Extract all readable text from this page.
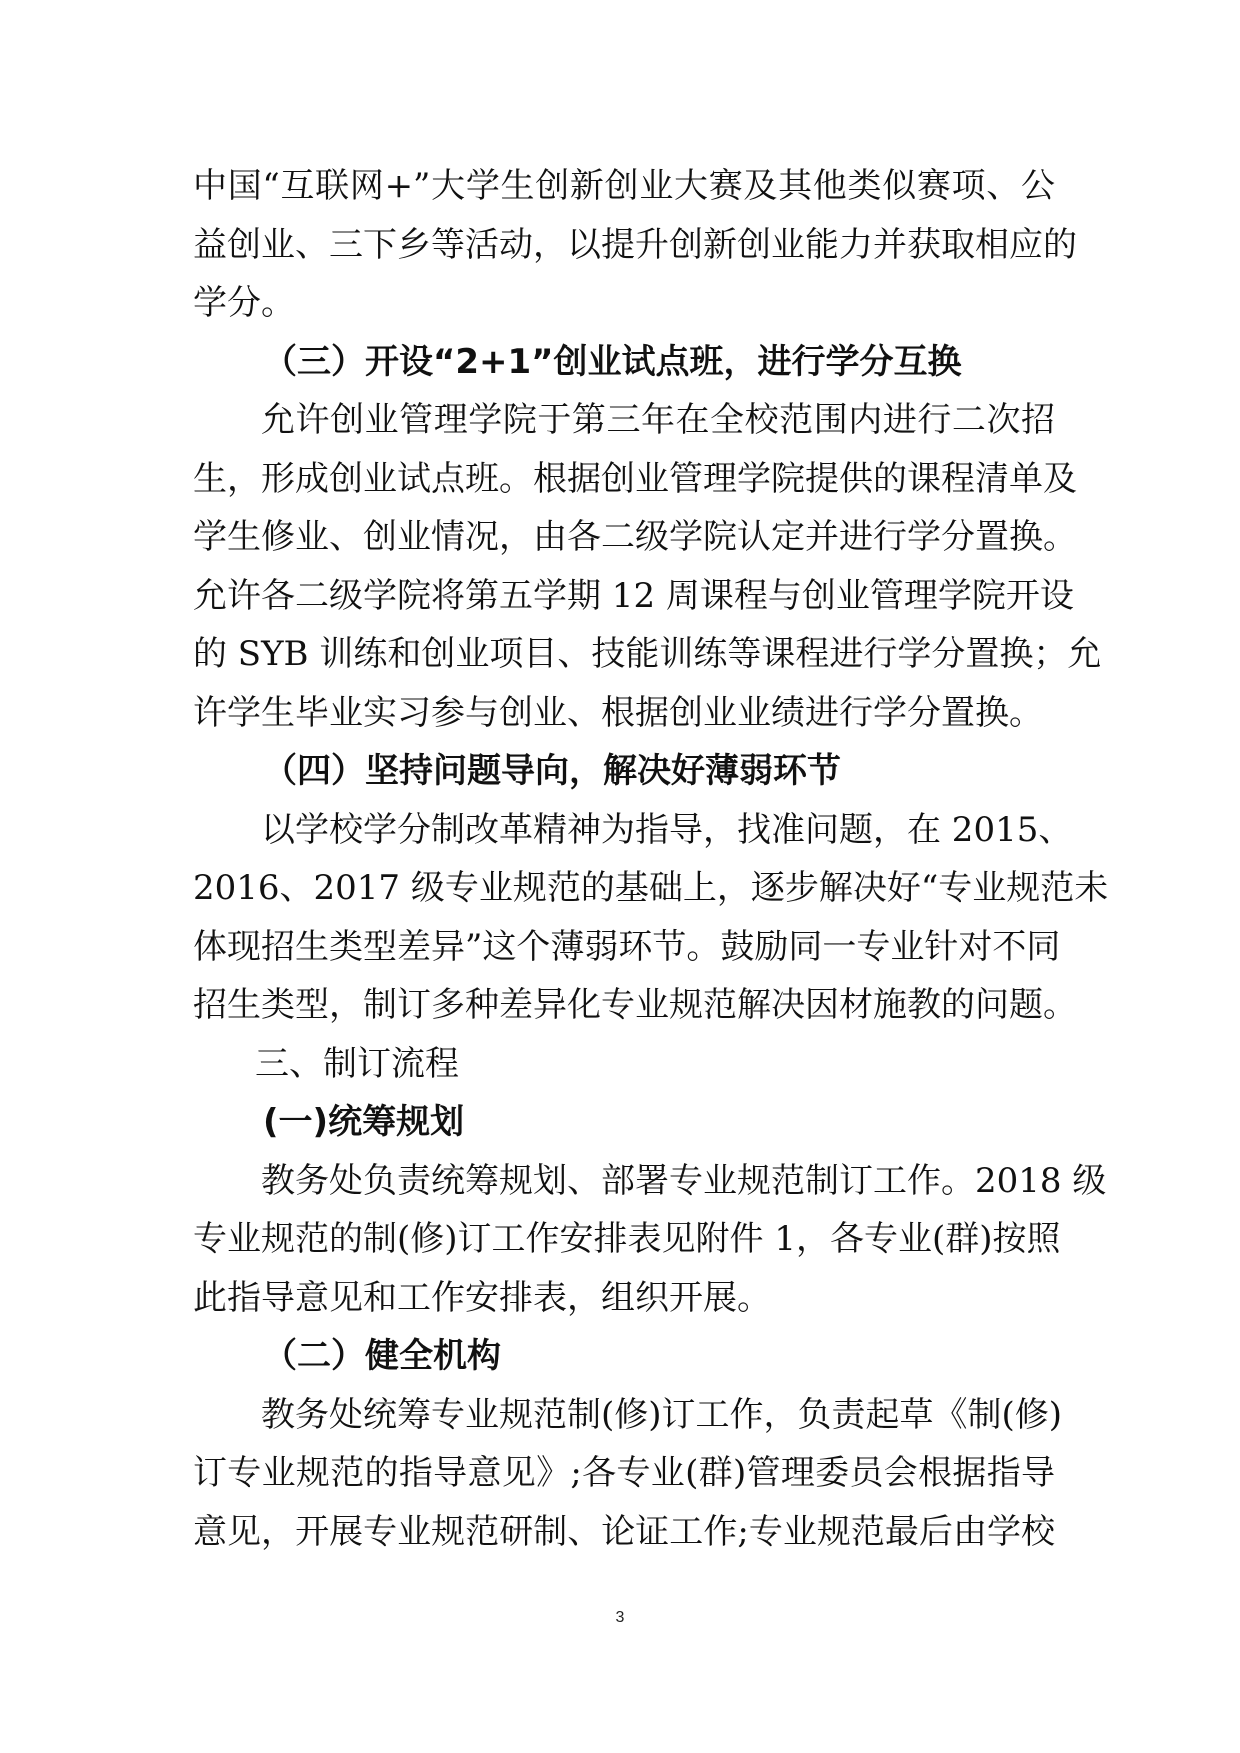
中国“互联网+”大学生创新创业大赛及其他类似赛项、公
益创业、三下乡等活动，以提升创新创业能力并获取相应的
学分。
（三）开设“2+1”创业试点班，进行学分互换
允许创业管理学院于第三年在全校范围内进行二次招
生，形成创业试点班。根据创业管理学院提供的课程清单及
学生修业、创业情况，由各二级学院认定并进行学分置换。
允许各二级学院将第五学期 12 周课程与创业管理学院开设
的 SYB 训练和创业项目、技能训练等课程进行学分置换；允
许学生毕业实习参与创业、根据创业业绩进行学分置换。
（四）坚持问题导向，解决好薄弱环节
以学校学分制改革精神为指导，找准问题，在 2015、
2016、2017 级专业规范的基础上，逐步解决好“专业规范未
体现招生类型差异”这个薄弱环节。鼓励同一专业针对不同
招生类型，制订多种差异化专业规范解决因材施教的问题。
三、制订流程
(一)统筹规划
教务处负责统筹规划、部署专业规范制订工作。2018 级
专业规范的制(修)订工作安排表见附件 1，各专业(群)按照
此指导意见和工作安排表，组织开展。
（二）健全机构
教务处统筹专业规范制(修)订工作，负责起草《制(修)
订专业规范的指导意见》;各专业(群)管理委员会根据指导
意见，开展专业规范研制、论证工作;专业规范最后由学校
3
